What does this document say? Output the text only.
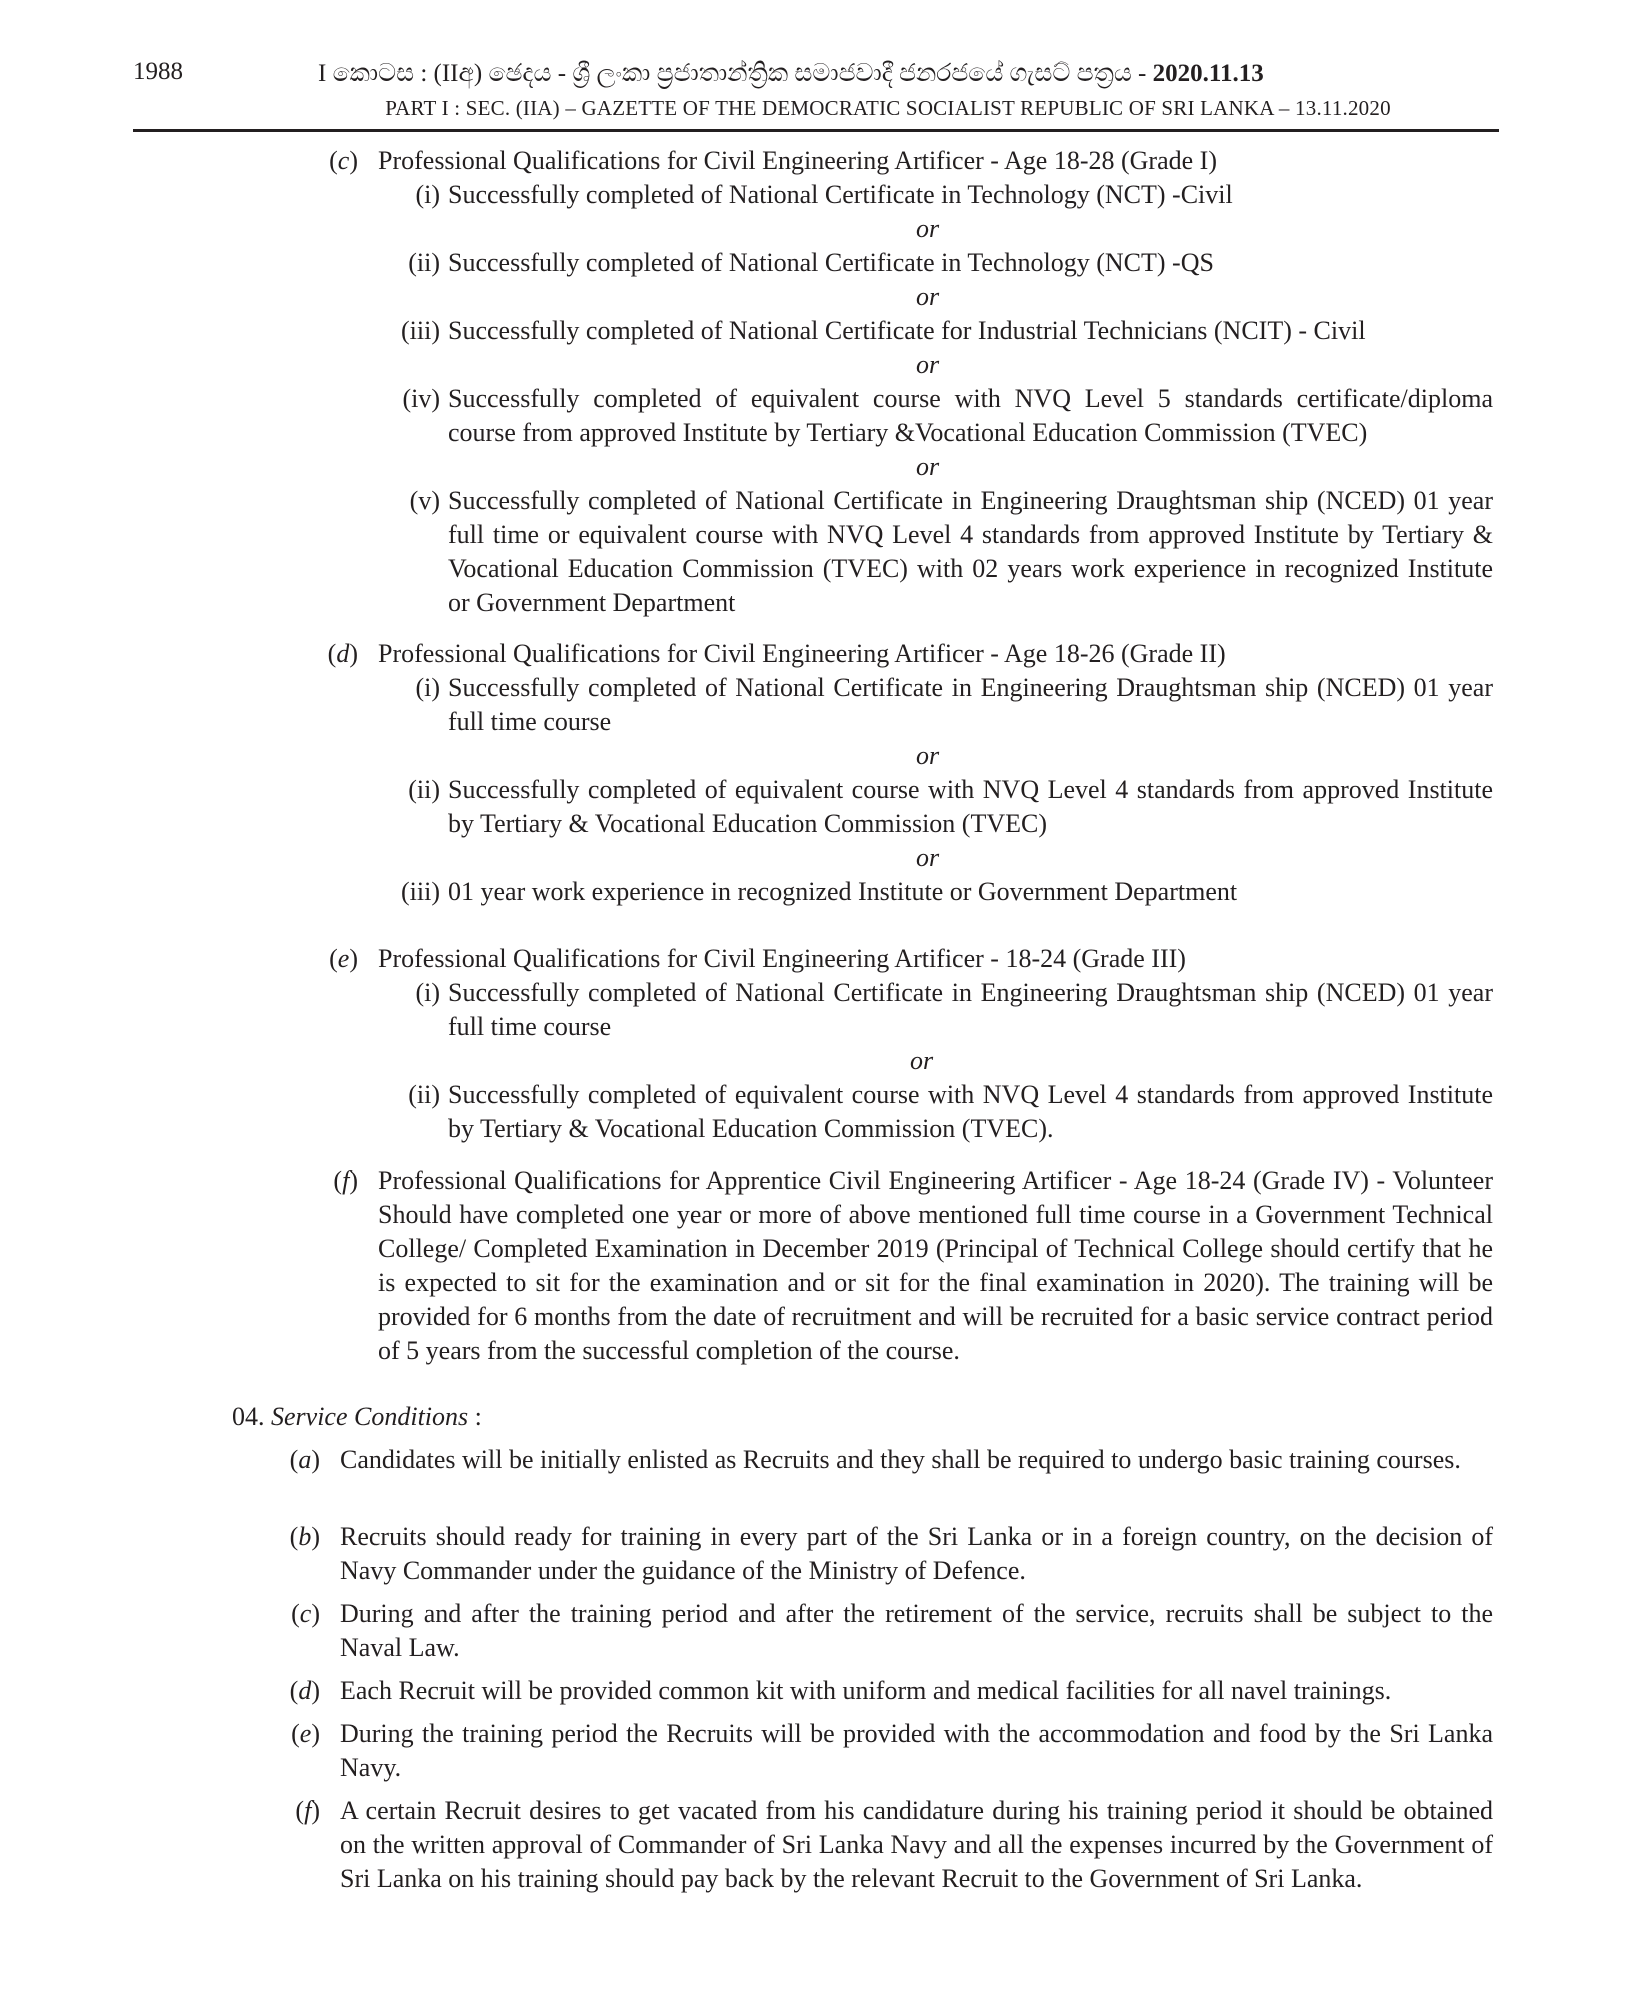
1988	I කොටස : (IIඅ) ඡෙදය - ශ්‍රී ලංකා ප්‍රජාතාන්ත්‍රික සමාජවාදී ජනරජයේ ගැසට් පත්‍රය - 2020.11.13
PART I : SEC. (IIA) – GAZETTE OF THE DEMOCRATIC SOCIALIST REPUBLIC OF SRI LANKA – 13.11.2020
(c) Professional Qualifications for Civil Engineering Artificer - Age 18-28 (Grade I)
(i) Successfully completed of National Certificate in Technology (NCT) -Civil
or
(ii) Successfully completed of National Certificate in Technology (NCT) -QS
or
(iii) Successfully completed of National Certificate for Industrial Technicians (NCIT) - Civil
or
(iv) Successfully completed of equivalent course with NVQ Level 5 standards certificate/diploma course from approved Institute by Tertiary &Vocational Education Commission (TVEC)
or
(v) Successfully completed of National Certificate in Engineering Draughtsman ship (NCED) 01 year full time or equivalent course with NVQ Level 4 standards from approved Institute by Tertiary & Vocational Education Commission (TVEC) with 02 years work experience in recognized Institute or Government Department
(d) Professional Qualifications for Civil Engineering Artificer - Age 18-26 (Grade II)
(i) Successfully completed of National Certificate in Engineering Draughtsman ship (NCED) 01 year full time course
or
(ii) Successfully completed of equivalent course with NVQ Level 4 standards from approved Institute by Tertiary & Vocational Education Commission (TVEC)
or
(iii) 01 year work experience in recognized Institute or Government Department
(e) Professional Qualifications for Civil Engineering Artificer - 18-24 (Grade III)
(i) Successfully completed of National Certificate in Engineering Draughtsman ship (NCED) 01 year full time course
or
(ii) Successfully completed of equivalent course with NVQ Level 4 standards from approved Institute by Tertiary & Vocational Education Commission (TVEC).
(f) Professional Qualifications for Apprentice Civil Engineering Artificer - Age 18-24 (Grade IV) - Volunteer Should have completed one year or more of above mentioned full time course in a Government Technical College/ Completed Examination in December 2019 (Principal of Technical College should certify that he is expected to sit for the examination and or sit for the final examination in 2020). The training will be provided for 6 months from the date of recruitment and will be recruited for a basic service contract period of 5 years from the successful completion of the course.
04. Service Conditions :
(a) Candidates will be initially enlisted as Recruits and they shall be required to undergo basic training courses.
(b) Recruits should ready for training in every part of the Sri Lanka or in a foreign country, on the decision of Navy Commander under the guidance of the Ministry of Defence.
(c) During and after the training period and after the retirement of the service, recruits shall be subject to the Naval Law.
(d) Each Recruit will be provided common kit with uniform and medical facilities for all navel trainings.
(e) During the training period the Recruits will be provided with the accommodation and food by the Sri Lanka Navy.
(f) A certain Recruit desires to get vacated from his candidature during his training period it should be obtained on the written approval of Commander of Sri Lanka Navy and all the expenses incurred by the Government of Sri Lanka on his training should pay back by the relevant Recruit to the Government of Sri Lanka.
